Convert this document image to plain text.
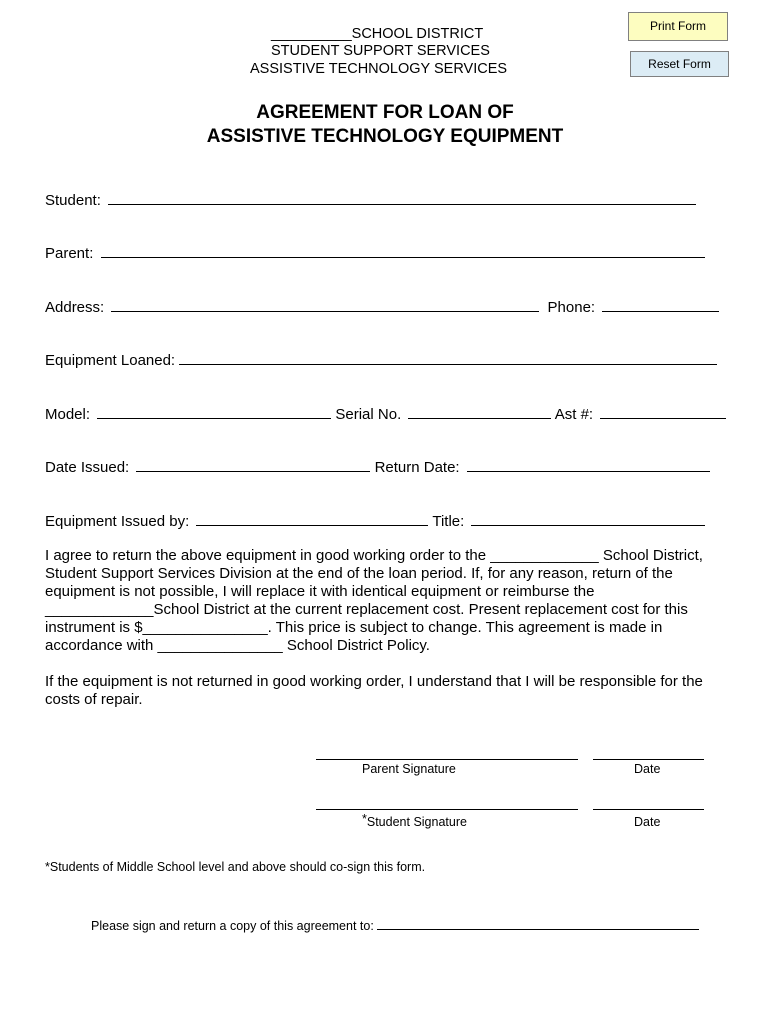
Print Form
Reset Form
__________SCHOOL DISTRICT
STUDENT SUPPORT SERVICES
ASSISTIVE TECHNOLOGY SERVICES
AGREEMENT FOR LOAN OF
ASSISTIVE TECHNOLOGY EQUIPMENT
Student:
Parent:
Address:	Phone:
Equipment Loaned:
Model:	Serial No.	Ast #:
Date Issued:	Return Date:
Equipment Issued by:	Title:
I agree to return the above equipment in good working order to the _____________ School District,
Student Support Services Division at the end of the loan period. If, for any reason, return of the
equipment is not possible, I will replace it with identical equipment or reimburse the
_____________School District at the current replacement cost. Present replacement cost for this
instrument is $_______________. This price is subject to change. This agreement is made in
accordance with _______________ School District Policy.
If the equipment is not returned in good working order, I understand that I will be responsible for the
costs of repair.
Parent Signature	Date
*Student Signature	Date
*Students of Middle School level and above should co-sign this form.
Please sign and return a copy of this agreement to:
